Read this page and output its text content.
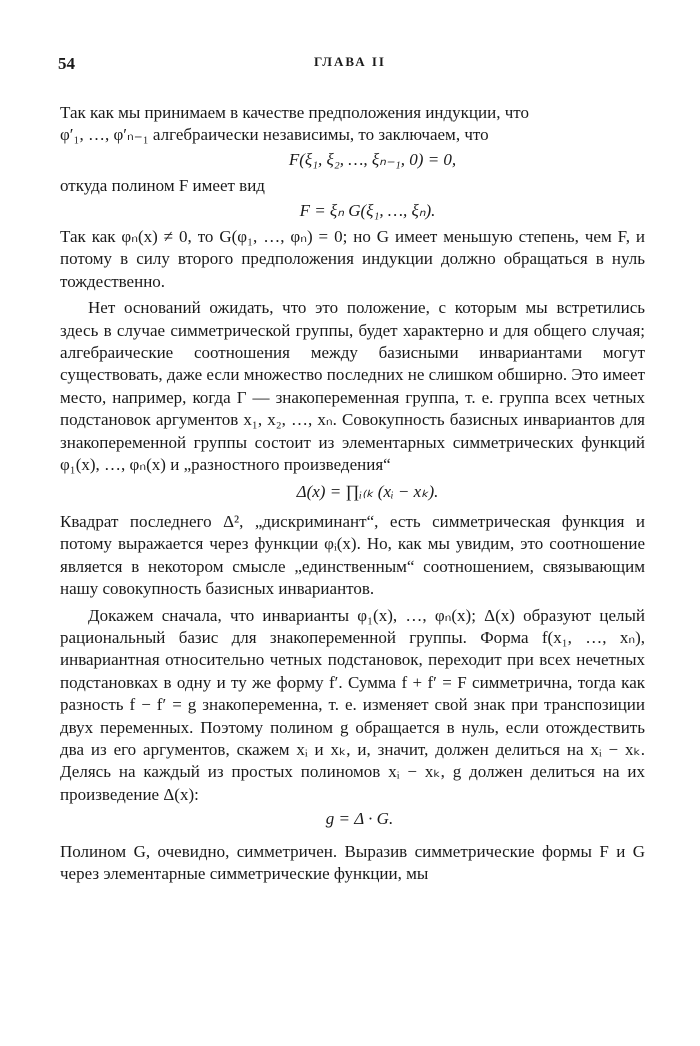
54	ГЛАВА II

Так как мы принимаем в качестве предположения индукции, что

φ′₁, …, φ′ₙ₋₁ алгебраически независимы, то заключаем, что

F(ξ₁, ξ₂, …, ξₙ₋₁, 0) = 0,

откуда полином F имеет вид

F = ξₙ G(ξ₁, …, ξₙ).

Так как φₙ(x) ≠ 0, то G(φ₁, …, φₙ) = 0; но G имеет меньшую степень, чем F, и потому в силу второго предположения индукции должно обращаться в нуль тождественно.

Нет оснований ожидать, что это положение, с которым мы встретились здесь в случае симметрической группы, будет характерно и для общего случая; алгебраические соотношения между базисными инвариантами могут существовать, даже если множество последних не слишком обширно. Это имеет место, например, когда Γ — знакопеременная группа, т. е. группа всех четных подстановок аргументов x₁, x₂, …, xₙ. Совокупность базисных инвариантов для знакопеременной группы состоит из элементарных симметрических функций φ₁(x), …, φₙ(x) и „разностного произведения“

Δ(x) = ∏ᵢ₍ₖ (xᵢ − xₖ).

Квадрат последнего Δ², „дискриминант“, есть симметрическая функция и потому выражается через функции φᵢ(x). Но, как мы увидим, это соотношение является в некотором смысле „единственным“ соотношением, связывающим нашу совокупность базисных инвариантов.

Докажем сначала, что инварианты φ₁(x), …, φₙ(x); Δ(x) образуют целый рациональный базис для знакопеременной группы. Форма f(x₁, …, xₙ), инвариантная относительно четных подстановок, переходит при всех нечетных подстановках в одну и ту же форму f′. Сумма f + f′ = F симметрична, тогда как разность f − f′ = g знакопеременна, т. е. изменяет свой знак при транспозиции двух переменных. Поэтому полином g обращается в нуль, если отождествить два из его аргументов, скажем xᵢ и xₖ, и, значит, должен делиться на xᵢ − xₖ. Делясь на каждый из простых полиномов xᵢ − xₖ, g должен делиться на их произведение Δ(x):

g = Δ · G.

Полином G, очевидно, симметричен. Выразив симметрические формы F и G через элементарные симметрические функции, мы
